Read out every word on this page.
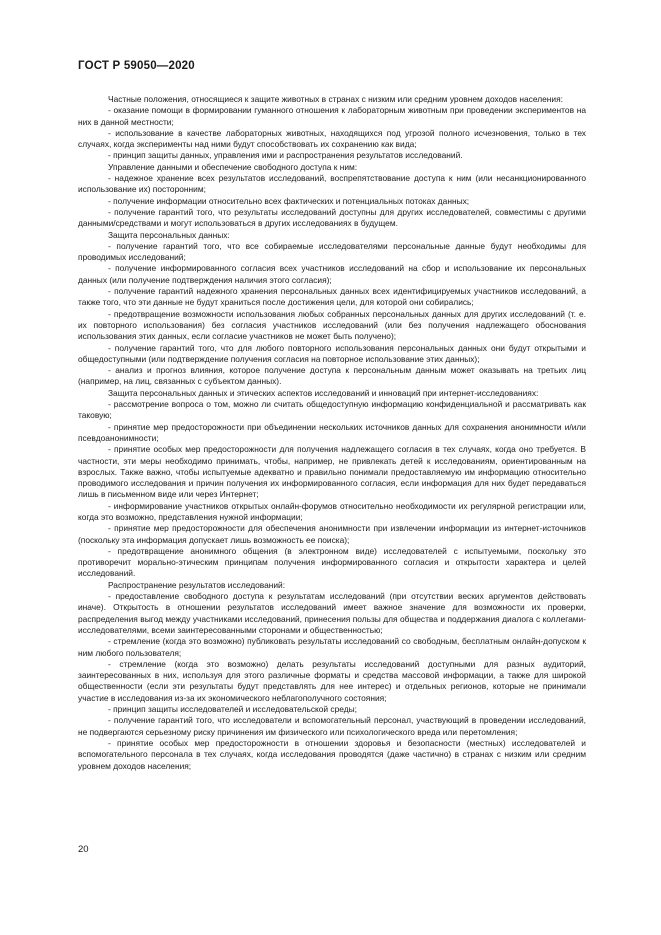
ГОСТ Р 59050—2020

Частные положения, относящиеся к защите животных в странах с низким или средним уровнем доходов населения:

- оказание помощи в формировании гуманного отношения к лабораторным животным при проведении экспериментов на них в данной местности;

- использование в качестве лабораторных животных, находящихся под угрозой полного исчезновения, только в тех случаях, когда эксперименты над ними будут способствовать их сохранению как вида;

- принцип защиты данных, управления ими и распространения результатов исследований.

Управление данными и обеспечение свободного доступа к ним:

- надежное хранение всех результатов исследований, воспрепятствование доступа к ним (или несанкционированного использование их) посторонним;

- получение информации относительно всех фактических и потенциальных потоках данных;

- получение гарантий того, что результаты исследований доступны для других исследователей, совместимы с другими данными/средствами и могут использоваться в других исследованиях в будущем.

Защита персональных данных:

- получение гарантий того, что все собираемые исследователями персональные данные будут необходимы для проводимых исследований;

- получение информированного согласия всех участников исследований на сбор и использование их персональных данных (или получение подтверждения наличия этого согласия);

- получение гарантий надежного хранения персональных данных всех идентифицируемых участников исследований, а также того, что эти данные не будут храниться после достижения цели, для которой они собирались;

- предотвращение возможности использования любых собранных персональных данных для других исследований (т. е. их повторного использования) без согласия участников исследований (или без получения надлежащего обоснования использования этих данных, если согласие участников не может быть получено);

- получение гарантий того, что для любого повторного использования персональных данных они будут открытыми и общедоступными (или подтверждение получения согласия на повторное использование этих данных);

- анализ и прогноз влияния, которое получение доступа к персональным данным может оказывать на третьих лиц (например, на лиц, связанных с субъектом данных).

Защита персональных данных и этических аспектов исследований и инноваций при интернет-исследованиях:

- рассмотрение вопроса о том, можно ли считать общедоступную информацию конфиденциальной и рассматривать как таковую;

- принятие мер предосторожности при объединении нескольких источников данных для сохранения анонимности и/или псевдоанонимности;

- принятие особых мер предосторожности для получения надлежащего согласия в тех случаях, когда оно требуется. В частности, эти меры необходимо принимать, чтобы, например, не привлекать детей к исследованиям, ориентированным на взрослых. Также важно, чтобы испытуемые адекватно и правильно понимали предоставляемую им информацию относительно проводимого исследования и причин получения их информированного согласия, если информация для них будет передаваться лишь в письменном виде или через Интернет;

- информирование участников открытых онлайн-форумов относительно необходимости их регулярной регистрации или, когда это возможно, представления нужной информации;

- принятие мер предосторожности для обеспечения анонимности при извлечении информации из интернет-источников (поскольку эта информация допускает лишь возможность ее поиска);

- предотвращение анонимного общения (в электронном виде) исследователей с испытуемыми, поскольку это противоречит морально-этическим принципам получения информированного согласия и открытости характера и целей исследований.

Распространение результатов исследований:

- предоставление свободного доступа к результатам исследований (при отсутствии веских аргументов действовать иначе). Открытость в отношении результатов исследований имеет важное значение для возможности их проверки, распределения выгод между участниками исследований, принесения пользы для общества и поддержания диалога с коллегами-исследователями, всеми заинтересованными сторонами и общественностью;

- стремление (когда это возможно) публиковать результаты исследований со свободным, бесплатным онлайн-допуском к ним любого пользователя;

- стремление (когда это возможно) делать результаты исследований доступными для разных аудиторий, заинтересованных в них, используя для этого различные форматы и средства массовой информации, а также для широкой общественности (если эти результаты будут представлять для нее интерес) и отдельных регионов, которые не принимали участие в исследования из-за их экономического неблагополучного состояния;

- принцип защиты исследователей и исследовательской среды;

- получение гарантий того, что исследователи и вспомогательный персонал, участвующий в проведении исследований, не подвергаются серьезному риску причинения им физического или психологического вреда или перетомления;

- принятие особых мер предосторожности в отношении здоровья и безопасности (местных) исследователей и вспомогательного персонала в тех случаях, когда исследования проводятся (даже частично) в странах с низким или средним уровнем доходов населения;

20
